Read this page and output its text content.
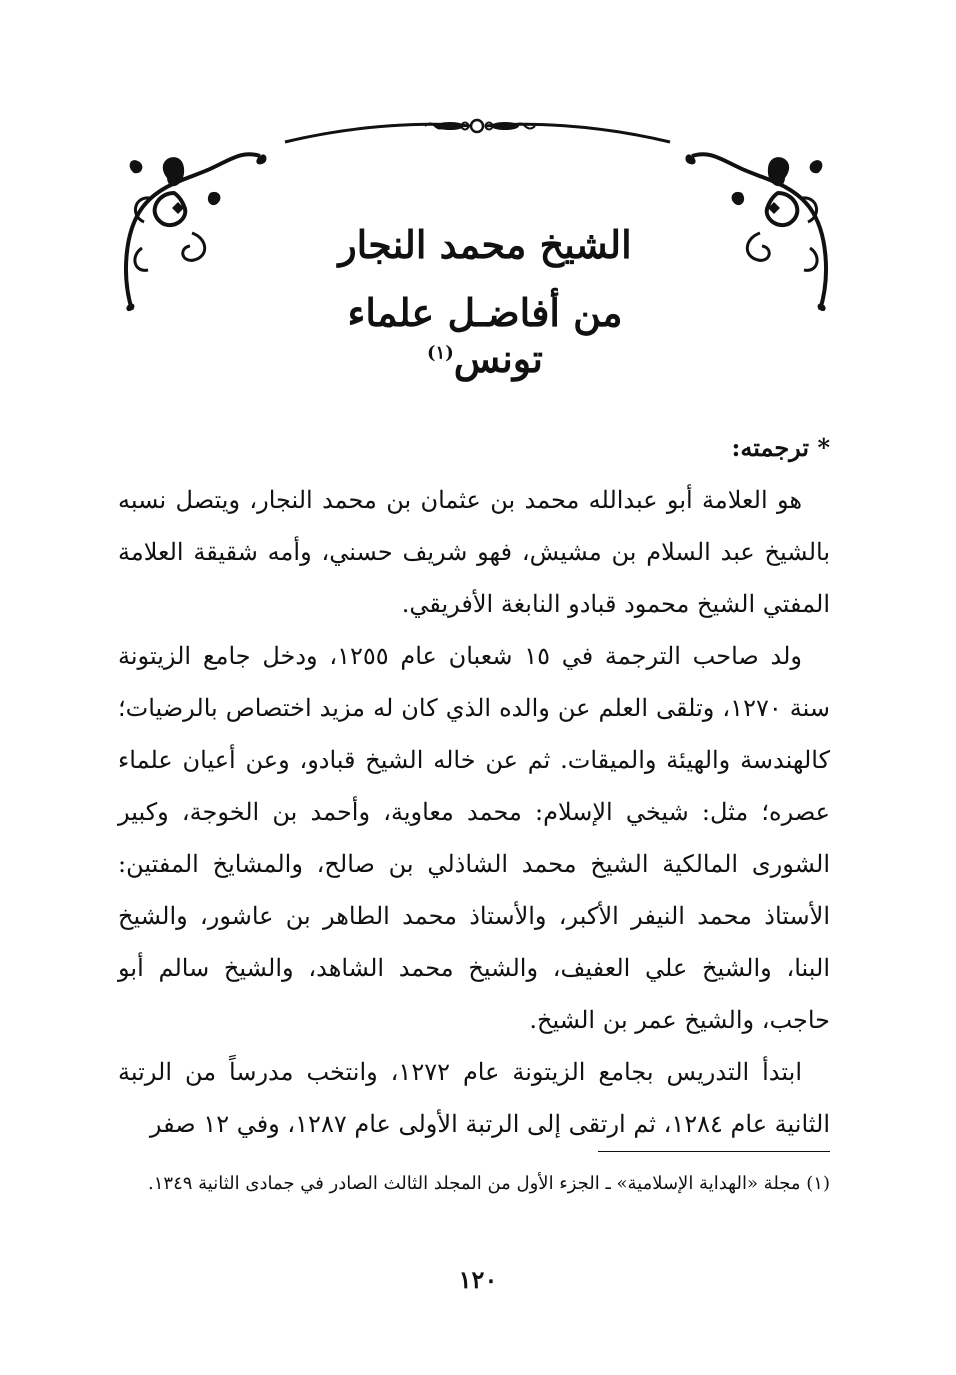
الشيخ محمد النجار
من أفاضـل علماء تونس$^{(١)}$

* ترجمته:

هو العلامة أبو عبدالله محمد بن عثمان بن محمد النجار، ويتصل نسبه بالشيخ عبد السلام بن مشيش، فهو شريف حسني، وأمه شقيقة العلامة المفتي الشيخ محمود قبادو النابغة الأفريقي.

ولد صاحب الترجمة في ١٥ شعبان عام ١٢٥٥، ودخل جامع الزيتونة سنة ١٢٧٠، وتلقى العلم عن والده الذي كان له مزيد اختصاص بالرضيات؛ كالهندسة والهيئة والميقات. ثم عن خاله الشيخ قبادو، وعن أعيان علماء عصره؛ مثل: شيخي الإسلام: محمد معاوية، وأحمد بن الخوجة، وكبير الشورى المالكية الشيخ محمد الشاذلي بن صالح، والمشايخ المفتين: الأستاذ محمد النيفر الأكبر، والأستاذ محمد الطاهر بن عاشور، والشيخ البنا، والشيخ علي العفيف، والشيخ محمد الشاهد، والشيخ سالم أبو حاجب، والشيخ عمر بن الشيخ.

ابتدأ التدريس بجامع الزيتونة عام ١٢٧٢، وانتخب مدرساً من الرتبة الثانية عام ١٢٨٤، ثم ارتقى إلى الرتبة الأولى عام ١٢٨٧، وفي ١٢ صفر

(١) مجلة «الهداية الإسلامية» ـ الجزء الأول من المجلد الثالث الصادر في جمادى الثانية ١٣٤٩.
١٢٠
